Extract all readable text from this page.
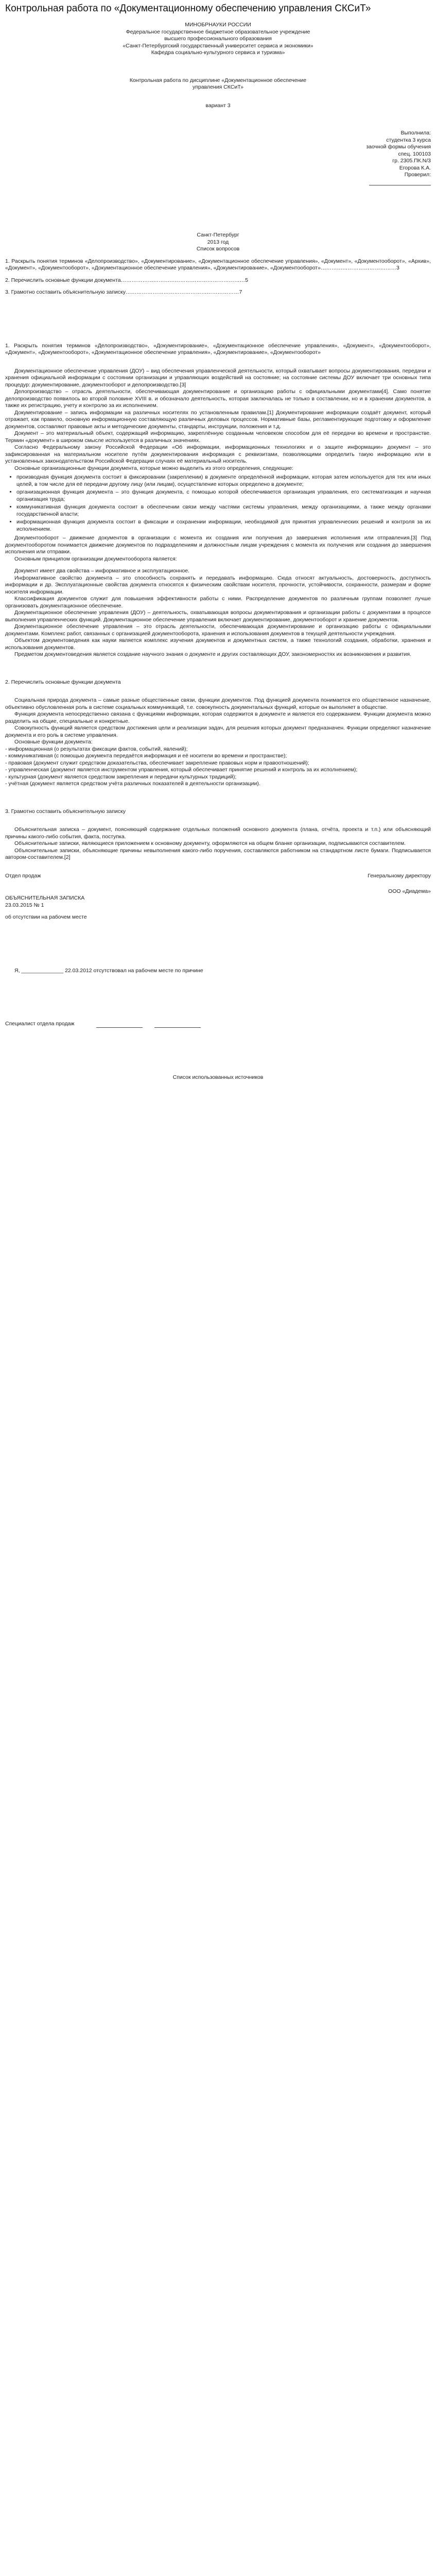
Контрольная работа по «Документационному обеспечению управления СКСиТ»

МИНОБРНАУКИ РОССИИ

Федеральное государственное бюджетное образовательное учреждение

высшего профессионального образования

«Санкт-Петербургский государственный университет сервиса и экономики»

Кафедра социально-культурного сервиса и туризма»

Контрольная работа по дисциплине «Документационное обеспечение

управления СКСиТ»

вариант 3

Выполнила:

студентка 3 курса

заочной формы обучения

спец. 100103

гр. 2305.ПК.N/3

Егорова К.А.

Проверил:

Санкт-Петербург

2013 год

Список вопросов

1. Раскрыть понятия терминов «Делопроизводство», «Документирование», «Документационное обеспечение управления», «Документ», «Документооборот», «Архив», «Документ», «Документооборот», «Документационное обеспечение управления», «Документирование», «Документооборот»……………………………………3

2. Перечислить основные функции документа……………………………………………………………5

3. Грамотно составить объяснительную записку………………………………………………………7

1. Раскрыть понятия терминов «Делопроизводство», «Документирование», «Документационное обеспечение управления», «Документ», «Документооборот», «Документ», «Документооборот», «Документационное обеспечение управления», «Документирование», «Документооборот»

Документационное обеспечение управления (ДОУ) – вид обеспечения управленческой деятельности, который охватывает вопросы документирования, передачи и хранения официальной информации с состоянии организации и управляющих воздействий на состояние; на состояние системы ДОУ включает три основных типа процедур: документирование, документооборот и делопроизводство.[3]

Делопроизводство – отрасль деятельности, обеспечивающая документирование и организацию работы с официальными документами[4]. Само понятие делопроизводство появилось во второй половине XVIII в. и обозначало деятельность, которая заключалась не только в составлении, но и в хранении документов, а также их регистрацию, учету и контролю за их исполнением.

Документирование – запись информации на различных носителях по установленным правилам.[1] Документирование информации создаёт документ, который отражает, как правило, основную информационную составляющую различных деловых процессов. Нормативные базы, регламентирующие подготовку и оформление документов, составляют правовые акты и методические документы, стандарты, инструкции, положения и т.д.

Документ – это материальный объект, содержащий информацию, закреплённую созданным человеком способом для её передачи во времени и пространстве. Термин «документ» в широком смысле используется в различных значениях.

Согласно Федеральному закону Российской Федерации «Об информации, информационных технологиях и о защите информации» документ – это зафиксированная на материальном носителе путём документирования информация с реквизитами, позволяющими определить такую информацию или в установленных законодательством Российской Федерации случаях её материальный носитель.

Основные организационные функции документа, которые можно выделить из этого определения, следующие:

• производная функция документа состоит в фиксировании (закреплении) в документе определённой информации, которая затем используется для тех или иных целей, в том числе для её передачи другому лицу (или лицам), осуществление которых определено в документе;
• организационная функция документа – это функция документа, с помощью которой обеспечивается организация управления, его систематизация и научная организация труда;
• коммуникативная функция документа состоит в обеспечении связи между частями системы управления, между организациями, а также между органами государственной власти;
• информационная функция документа состоит в фиксации и сохранении информации, необходимой для принятия управленческих решений и контроля за их исполнением.

Документооборот – движение документов в организации с момента их создания или получения до завершения исполнения или отправления.[3] Под документооборотом понимается движение документов по подразделениям и должностным лицам учреждения с момента их получения или создания до завершения исполнения или отправки.

Основным принципом организации документооборота является:

Документ имеет два свойства – информативное и эксплуатационное.

Информативное свойство документа – это способность сохранять и передавать информацию. Сюда относят актуальность, достоверность, доступность информации и др. Эксплуатационные свойства документа относятся к физическим свойствам носителя, прочности, устойчивости, сохранности, размерам и форме носителя информации.

Классификация документов служит для повышения эффективности работы с ними. Распределение документов по различным группам позволяет лучше организовать документационное обеспечение.

Документационное обеспечение управления (ДОУ) – деятельность, охватывающая вопросы документирования и организации работы с документами в процессе выполнения управленческих функций. Документационное обеспечение управления включает документирование, документооборот и хранение документов.

Документационное обеспечение управления – это отрасль деятельности, обеспечивающая документирование и организацию работы с официальными документами. Комплекс работ, связанных с организацией документооборота, хранения и использования документов в текущей деятельности учреждения.

Объектом документоведения как науки является комплекс изучения документов и документных систем, а также технологий создания, обработки, хранения и использования документов.

Предметом документоведения является создание научного знания о документе и других составляющих ДОУ, закономерностях их возникновения и развития.

2. Перечислить основные функции документа

Социальная природа документа – самые разные общественные связи, функции документов. Под функцией документа понимается его общественное назначение, объективно обусловленная роль в системе социальных коммуникаций, т.е. совокупность документальных функций, которые он выполняет в обществе.

Функция документа непосредственно связана с функциями информации, которая содержится в документе и является его содержанием. Функции документа можно разделить на общие, специальные и конкретные.

Совокупность функций является средством достижения цели и реализации задач, для решения которых документ предназначен. Функции определяют назначение документа и его роль в системе управления.

Основные функции документа:

- информационная (о результатах фиксации фактов, событий, явлений);

- коммуникативная (с помощью документа передаётся информация и её носители во времени и пространстве);

- правовая (документ служит средством доказательства, обеспечивает закрепление правовых норм и правоотношений);

- управленческая (документ является инструментом управления, который обеспечивает принятие решений и контроль за их исполнением);

- культурная (документ является средством закрепления и передачи культурных традиций);

- учётная (документ является средством учёта различных показателей в деятельности организации).

3. Грамотно составить объяснительную записку

Объяснительная записка – документ, поясняющий содержание отдельных положений основного документа (плана, отчёта, проекта и т.п.) или объясняющий причины какого-либо события, факта, поступка.

Объяснительные записки, являющиеся приложением к основному документу, оформляются на общем бланке организации, подписываются составителем.

Объяснительные записки, объясняющие причины невыполнения какого-либо поручения, составляются работником на стандартном листе бумаги. Подписывается автором-составителем.[2]

Отдел продаж	Генеральному директору

ООО «Диадема»

ОБЪЯСНИТЕЛЬНАЯ ЗАПИСКА

23.03.2015 № 1

об отсутствии на рабочем месте

Я, ______________ 22.03.2012 отсутствовал на рабочем месте по причине

Специалист отдела продаж

Список использованных источников
